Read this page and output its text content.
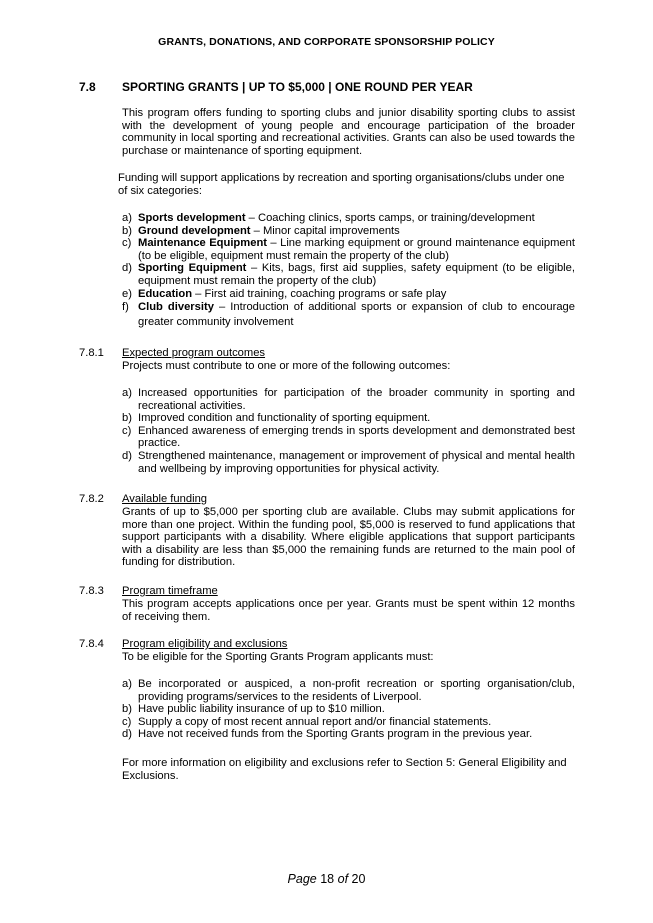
GRANTS, DONATIONS, AND CORPORATE SPONSORSHIP POLICY
7.8 SPORTING GRANTS | UP TO $5,000 | ONE ROUND PER YEAR
This program offers funding to sporting clubs and junior disability sporting clubs to assist with the development of young people and encourage participation of the broader community in local sporting and recreational activities. Grants can also be used towards the purchase or maintenance of sporting equipment.
Funding will support applications by recreation and sporting organisations/clubs under one of six categories:
a) Sports development – Coaching clinics, sports camps, or training/development
b) Ground development – Minor capital improvements
c) Maintenance Equipment – Line marking equipment or ground maintenance equipment (to be eligible, equipment must remain the property of the club)
d) Sporting Equipment – Kits, bags, first aid supplies, safety equipment (to be eligible, equipment must remain the property of the club)
e) Education – First aid training, coaching programs or safe play
f) Club diversity – Introduction of additional sports or expansion of club to encourage greater community involvement
7.8.1 Expected program outcomes
Projects must contribute to one or more of the following outcomes:
a) Increased opportunities for participation of the broader community in sporting and recreational activities.
b) Improved condition and functionality of sporting equipment.
c) Enhanced awareness of emerging trends in sports development and demonstrated best practice.
d) Strengthened maintenance, management or improvement of physical and mental health and wellbeing by improving opportunities for physical activity.
7.8.2 Available funding
Grants of up to $5,000 per sporting club are available. Clubs may submit applications for more than one project. Within the funding pool, $5,000 is reserved to fund applications that support participants with a disability. Where eligible applications that support participants with a disability are less than $5,000 the remaining funds are returned to the main pool of funding for distribution.
7.8.3 Program timeframe
This program accepts applications once per year. Grants must be spent within 12 months of receiving them.
7.8.4 Program eligibility and exclusions
To be eligible for the Sporting Grants Program applicants must:
a) Be incorporated or auspiced, a non-profit recreation or sporting organisation/club, providing programs/services to the residents of Liverpool.
b) Have public liability insurance of up to $10 million.
c) Supply a copy of most recent annual report and/or financial statements.
d) Have not received funds from the Sporting Grants program in the previous year.
For more information on eligibility and exclusions refer to Section 5: General Eligibility and Exclusions.
Page 18 of 20
